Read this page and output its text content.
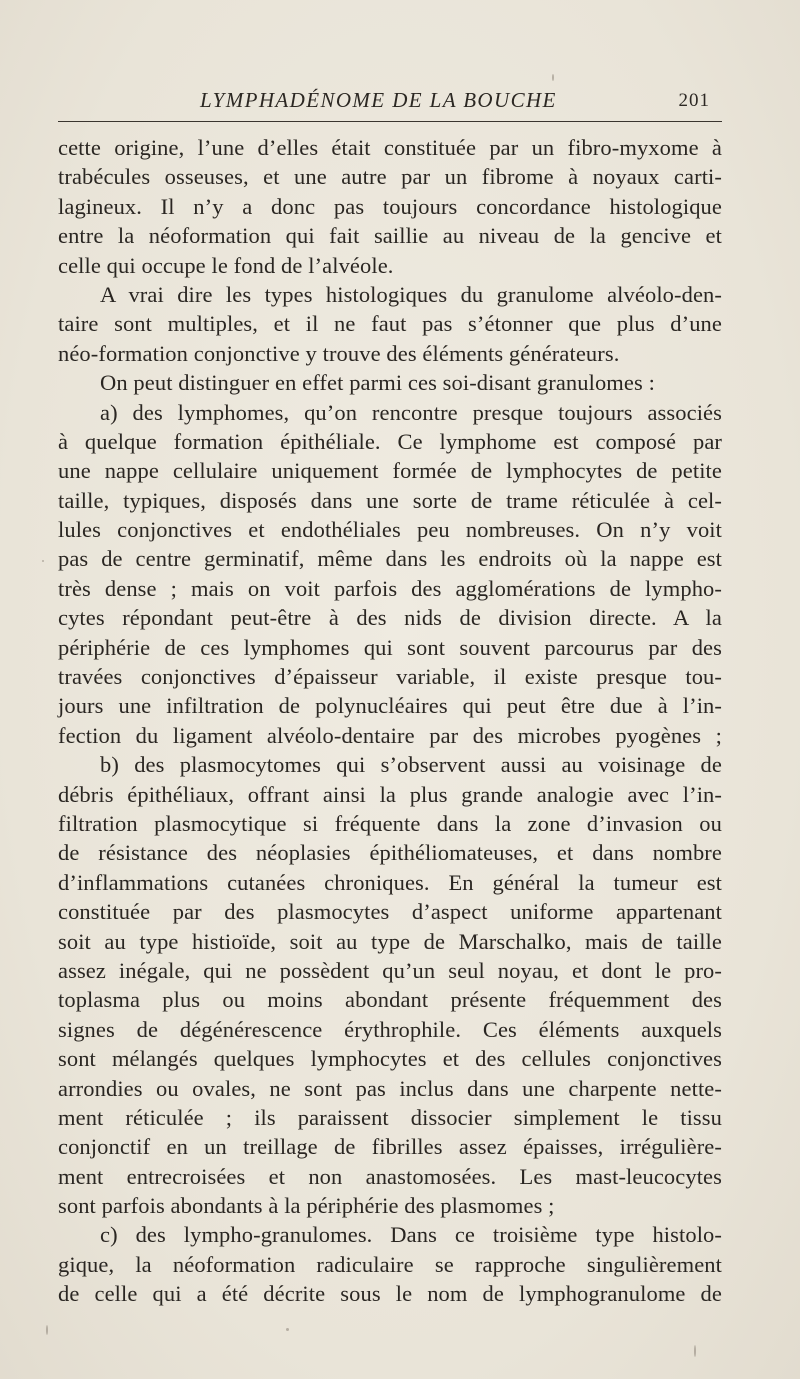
LYMPHADÉNOME DE LA BOUCHE	201
cette origine, l’une d’elles était constituée par un fibro-myxome à
trabécules osseuses, et une autre par un fibrome à noyaux carti-
lagineux. Il n’y a donc pas toujours concordance histologique
entre la néoformation qui fait saillie au niveau de la gencive et
celle qui occupe le fond de l’alvéole.
A vrai dire les types histologiques du granulome alvéolo-den-
taire sont multiples, et il ne faut pas s’étonner que plus d’une
néo-formation conjonctive y trouve des éléments générateurs.
On peut distinguer en effet parmi ces soi-disant granulomes :
a) des lymphomes, qu’on rencontre presque toujours associés
à quelque formation épithéliale. Ce lymphome est composé par
une nappe cellulaire uniquement formée de lymphocytes de petite
taille, typiques, disposés dans une sorte de trame réticulée à cel-
lules conjonctives et endothéliales peu nombreuses. On n’y voit
pas de centre germinatif, même dans les endroits où la nappe est
très dense ; mais on voit parfois des agglomérations de lympho-
cytes répondant peut-être à des nids de division directe. A la
périphérie de ces lymphomes qui sont souvent parcourus par des
travées conjonctives d’épaisseur variable, il existe presque tou-
jours une infiltration de polynucléaires qui peut être due à l’in-
fection du ligament alvéolo-dentaire par des microbes pyogènes ;
b) des plasmocytomes qui s’observent aussi au voisinage de
débris épithéliaux, offrant ainsi la plus grande analogie avec l’in-
filtration plasmocytique si fréquente dans la zone d’invasion ou
de résistance des néoplasies épithéliomateuses, et dans nombre
d’inflammations cutanées chroniques. En général la tumeur est
constituée par des plasmocytes d’aspect uniforme appartenant
soit au type histioïde, soit au type de Marschalko, mais de taille
assez inégale, qui ne possèdent qu’un seul noyau, et dont le pro-
toplasma plus ou moins abondant présente fréquemment des
signes de dégénérescence érythrophile. Ces éléments auxquels
sont mélangés quelques lymphocytes et des cellules conjonctives
arrondies ou ovales, ne sont pas inclus dans une charpente nette-
ment réticulée ; ils paraissent dissocier simplement le tissu
conjonctif en un treillage de fibrilles assez épaisses, irrégulière-
ment entrecroisées et non anastomosées. Les mast-leucocytes
sont parfois abondants à la périphérie des plasmomes ;
c) des lympho-granulomes. Dans ce troisième type histolo-
gique, la néoformation radiculaire se rapproche singulièrement
de celle qui a été décrite sous le nom de lymphogranulome de
